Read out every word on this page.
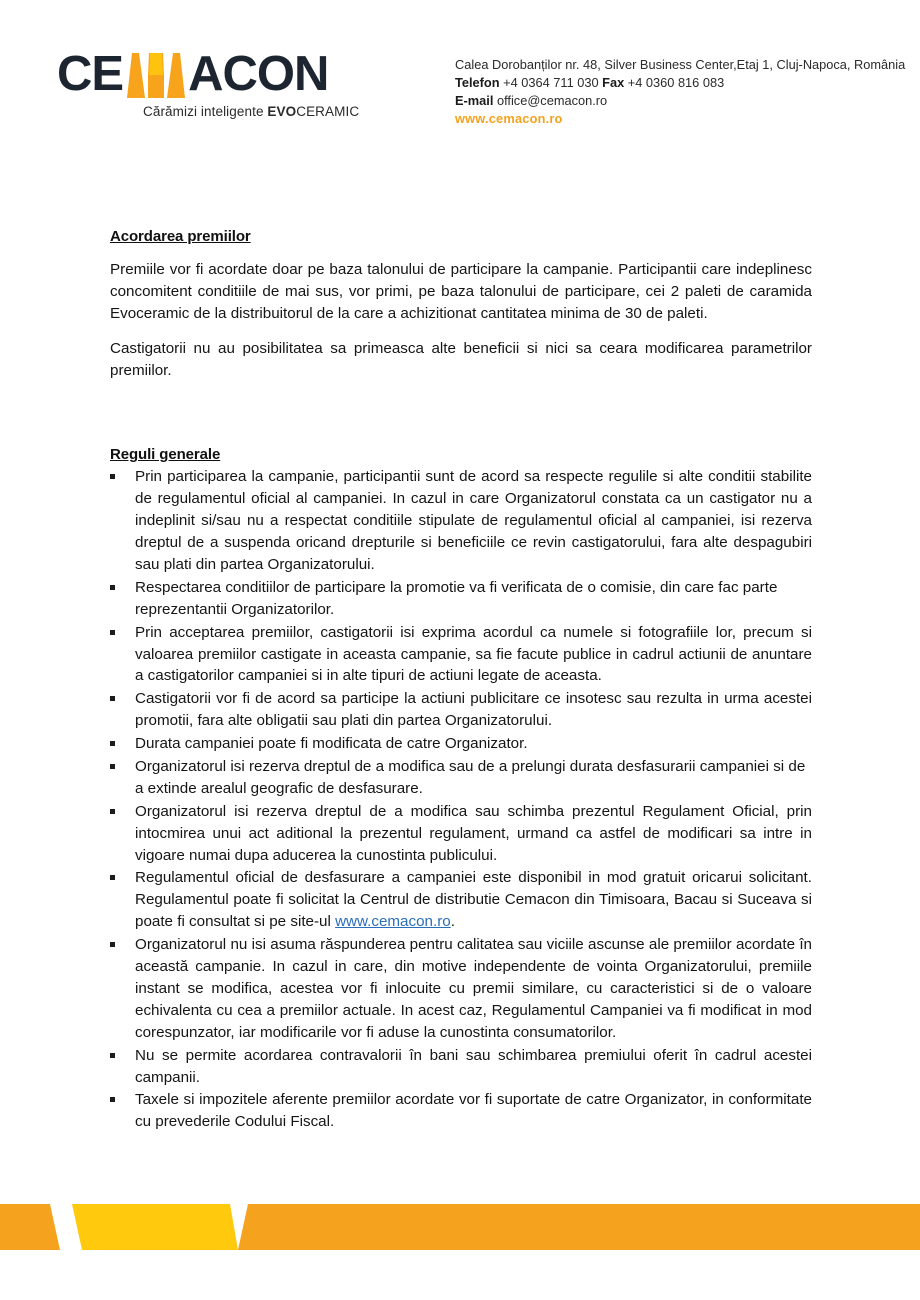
CE ACON
Cărămizi inteligente EVOCERAMIC
Calea Dorobanților nr. 48, Silver Business Center,Etaj 1, Cluj-Napoca, România
Telefon +4 0364 711 030 Fax +4 0360 816 083
E-mail office@cemacon.ro
www.cemacon.ro
Acordarea premiilor

Premiile vor fi acordate doar pe baza talonului de participare la campanie. Participantii care indeplinesc concomitent conditiile de mai sus, vor primi, pe baza talonului de participare, cei 2 paleti de caramida Evoceramic de la distribuitorul de la care a achizitionat cantitatea minima de 30 de paleti.

Castigatorii nu au posibilitatea sa primeasca alte beneficii si nici sa ceara modificarea parametrilor premiilor.

Reguli generale
Prin participarea la campanie, participantii sunt de acord sa respecte regulile si alte conditii stabilite de regulamentul oficial al campaniei. In cazul in care Organizatorul constata ca un castigator nu a indeplinit si/sau nu a respectat conditiile stipulate de regulamentul oficial al campaniei, isi rezerva dreptul de a suspenda oricand drepturile si beneficiile ce revin castigatorului, fara alte despagubiri sau plati din partea Organizatorului.
Respectarea conditiilor de participare la promotie va fi verificata de o comisie, din care fac parte reprezentantii Organizatorilor.
Prin acceptarea premiilor, castigatorii isi exprima acordul ca numele si fotografiile lor, precum si valoarea premiilor castigate in aceasta campanie, sa fie facute publice in cadrul actiunii de anuntare a castigatorilor campaniei si in alte tipuri de actiuni legate de aceasta.
Castigatorii vor fi de acord sa participe la actiuni publicitare ce insotesc sau rezulta in urma acestei promotii, fara alte obligatii sau plati din partea Organizatorului.
Durata campaniei poate fi modificata de catre Organizator.
Organizatorul isi rezerva dreptul de a modifica sau de a prelungi durata desfasurarii campaniei si de a extinde arealul geografic de desfasurare.
Organizatorul isi rezerva dreptul de a modifica sau schimba prezentul Regulament Oficial, prin intocmirea unui act aditional la prezentul regulament, urmand ca astfel de modificari sa intre in vigoare numai dupa aducerea la cunostinta publicului.
Regulamentul oficial de desfasurare a campaniei este disponibil in mod gratuit oricarui solicitant. Regulamentul poate fi solicitat la Centrul de distributie Cemacon din Timisoara, Bacau si Suceava si poate fi consultat si pe site-ul www.cemacon.ro.
Organizatorul nu isi asuma răspunderea pentru calitatea sau viciile ascunse ale premiilor acordate în această campanie. In cazul in care, din motive independente de vointa Organizatorului, premiile instant se modifica, acestea vor fi inlocuite cu premii similare, cu caracteristici si de o valoare echivalenta cu cea a premiilor actuale. In acest caz, Regulamentul Campaniei va fi modificat in mod corespunzator, iar modificarile vor fi aduse la cunostinta consumatorilor.
Nu se permite acordarea contravalorii în bani sau schimbarea premiului oferit în cadrul acestei campanii.
Taxele si impozitele aferente premiilor acordate vor fi suportate de catre Organizator, in conformitate cu prevederile Codului Fiscal.
